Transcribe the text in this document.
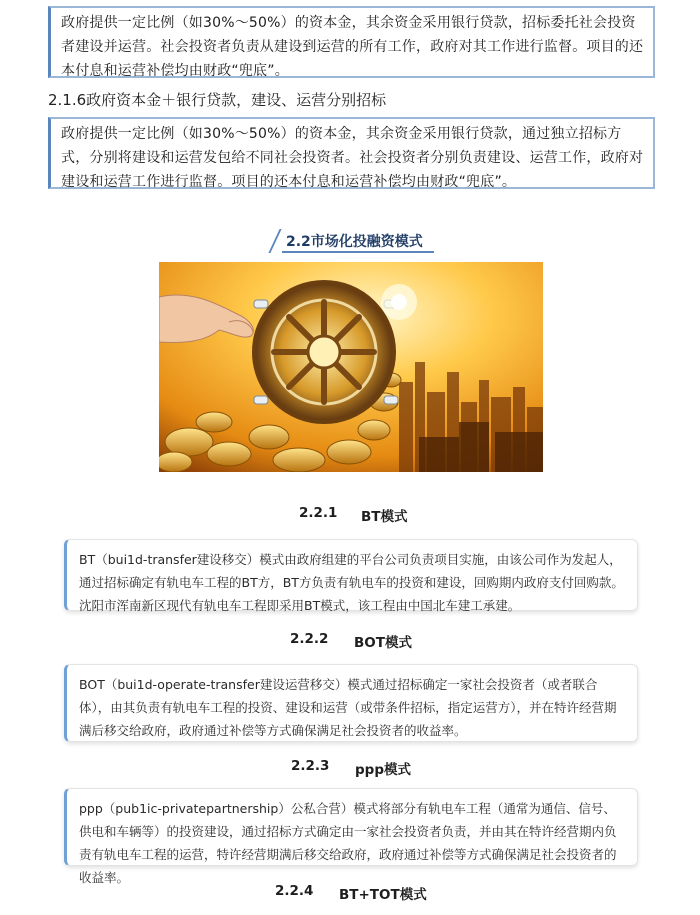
政府提供一定比例（如30%～50%）的资本金，其余资金采用银行贷款，招标委托社会投资者建设并运营。社会投资者负责从建设到运营的所有工作，政府对其工作进行监督。项目的还本付息和运营补偿均由财政“兜底”。
2.1.6政府资本金＋银行贷款，建设、运营分别招标
政府提供一定比例（如30%～50%）的资本金，其余资金采用银行贷款，通过独立招标方式，分别将建设和运营发包给不同社会投资者。社会投资者分别负责建设、运营工作，政府对建设和运营工作进行监督。项目的还本付息和运营补偿均由财政“兜底”。
2.2市场化投融资模式
2.2.1 BT模式
BT（bui1d-transfer建设移交）模式由政府组建的平台公司负责项目实施，由该公司作为发起人，通过招标确定有轨电车工程的BT方，BT方负责有轨电车的投资和建设，回购期内政府支付回购款。沈阳市浑南新区现代有轨电车工程即采用BT模式，该工程由中国北车建工承建。
2.2.2 BOT模式
BOT（bui1d-operate-transfer建设运营移交）模式通过招标确定一家社会投资者（或者联合体），由其负责有轨电车工程的投资、建设和运营（或带条件招标，指定运营方），并在特许经营期满后移交给政府，政府通过补偿等方式确保满足社会投资者的收益率。
2.2.3 ppp模式
ppp（pub1ic-privatepartnership）公私合营）模式将部分有轨电车工程（通常为通信、信号、供电和车辆等）的投资建设，通过招标方式确定由一家社会投资者负责，并由其在特许经营期内负责有轨电车工程的运营，特许经营期满后移交给政府，政府通过补偿等方式确保满足社会投资者的收益率。
2.2.4 BT+TOT模式
